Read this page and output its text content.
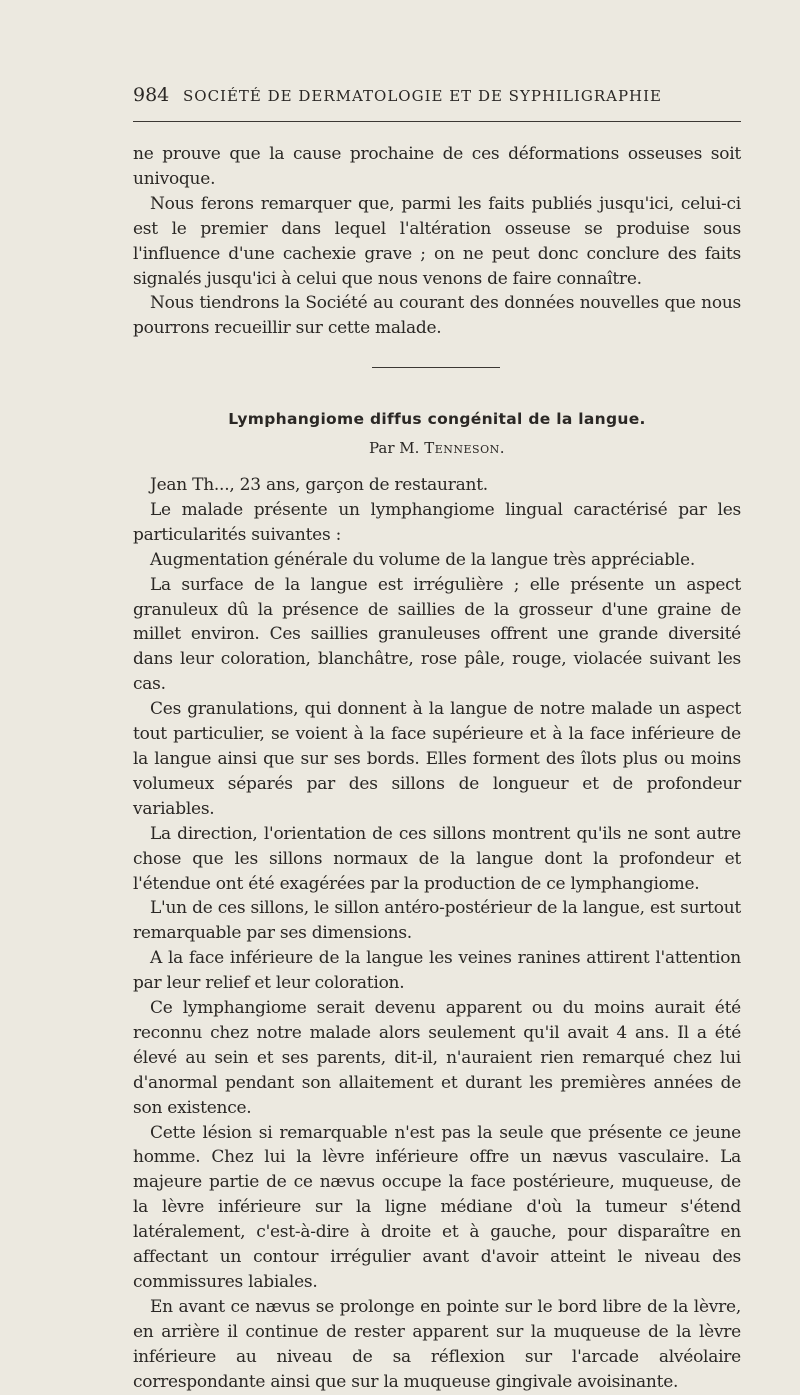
984 SOCIÉTÉ DE DERMATOLOGIE ET DE SYPHILIGRAPHIE

ne prouve que la cause prochaine de ces déformations osseuses soit univoque.

Nous ferons remarquer que, parmi les faits publiés jusqu'ici, celui-ci est le premier dans lequel l'altération osseuse se produise sous l'influence d'une cachexie grave ; on ne peut donc conclure des faits signalés jusqu'ici à celui que nous venons de faire connaître.

Nous tiendrons la Société au courant des données nouvelles que nous pourrons recueillir sur cette malade.

Lymphangiome diffus congénital de la langue.
Par M. Tenneson.

Jean Th..., 23 ans, garçon de restaurant.

Le malade présente un lymphangiome lingual caractérisé par les particularités suivantes :

Augmentation générale du volume de la langue très appréciable.

La surface de la langue est irrégulière ; elle présente un aspect granuleux dû la présence de saillies de la grosseur d'une graine de millet environ. Ces saillies granuleuses offrent une grande diversité dans leur coloration, blanchâtre, rose pâle, rouge, violacée suivant les cas.

Ces granulations, qui donnent à la langue de notre malade un aspect tout particulier, se voient à la face supérieure et à la face inférieure de la langue ainsi que sur ses bords. Elles forment des îlots plus ou moins volumeux séparés par des sillons de longueur et de profondeur variables.

La direction, l'orientation de ces sillons montrent qu'ils ne sont autre chose que les sillons normaux de la langue dont la profondeur et l'étendue ont été exagérées par la production de ce lymphangiome.

L'un de ces sillons, le sillon antéro-postérieur de la langue, est surtout remarquable par ses dimensions.

A la face inférieure de la langue les veines ranines attirent l'attention par leur relief et leur coloration.

Ce lymphangiome serait devenu apparent ou du moins aurait été reconnu chez notre malade alors seulement qu'il avait 4 ans. Il a été élevé au sein et ses parents, dit-il, n'auraient rien remarqué chez lui d'anormal pendant son allaitement et durant les premières années de son existence.

Cette lésion si remarquable n'est pas la seule que présente ce jeune homme. Chez lui la lèvre inférieure offre un nævus vasculaire. La majeure partie de ce nævus occupe la face postérieure, muqueuse, de la lèvre inférieure sur la ligne médiane d'où la tumeur s'étend latéralement, c'est-à-dire à droite et à gauche, pour disparaître en affectant un contour irrégulier avant d'avoir atteint le niveau des commissures labiales.

En avant ce nævus se prolonge en pointe sur le bord libre de la lèvre, en arrière il continue de rester apparent sur la muqueuse de la lèvre inférieure au niveau de sa réflexion sur l'arcade alvéolaire correspondante ainsi que sur la muqueuse gingivale avoisinante.
